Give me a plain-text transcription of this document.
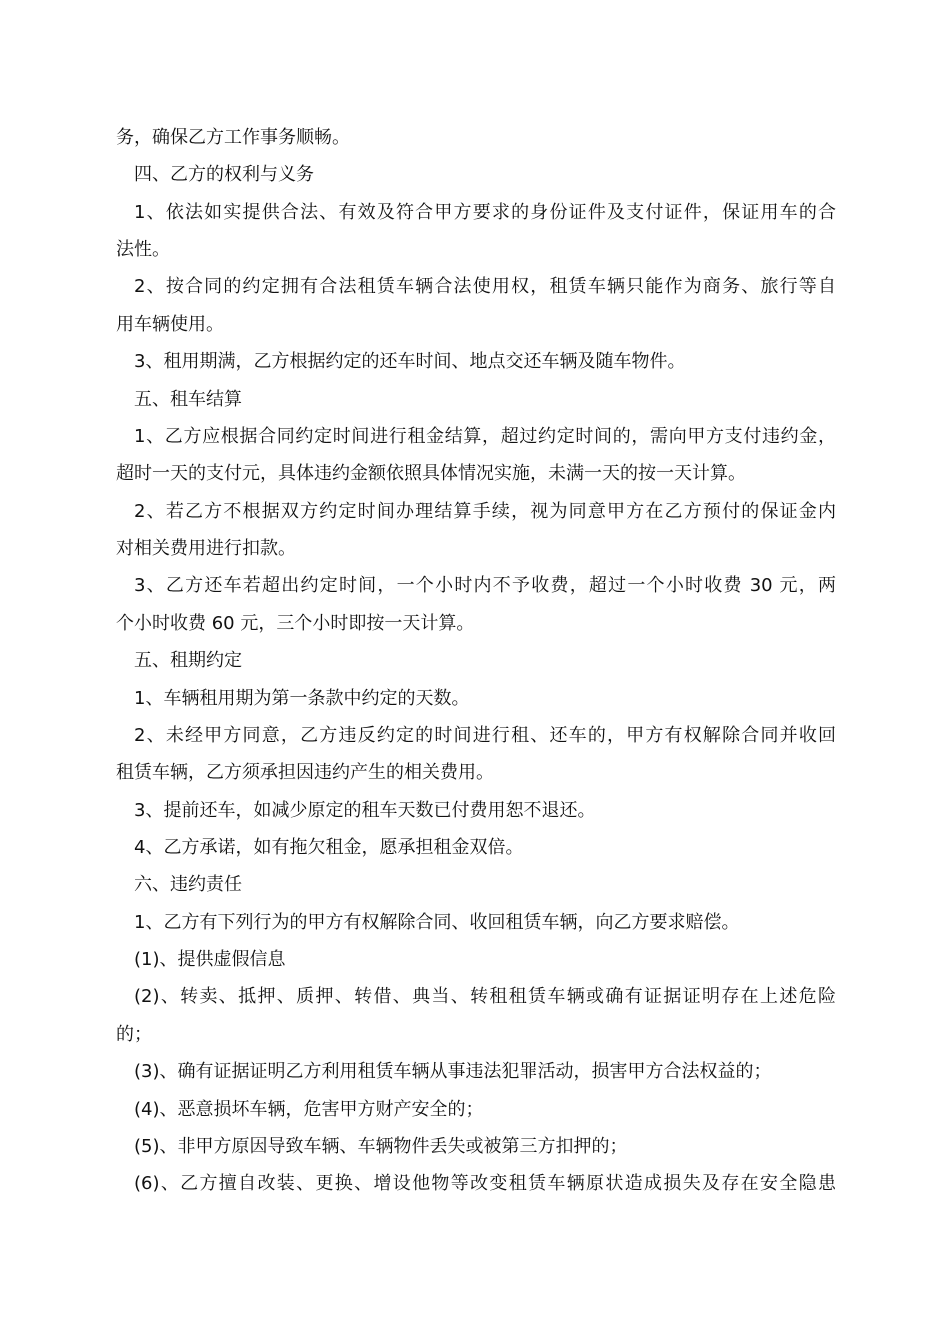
务，确保乙方工作事务顺畅。
四、乙方的权利与义务
1、依法如实提供合法、有效及符合甲方要求的身份证件及支付证件，保证用车的合
法性。
2、按合同的约定拥有合法租赁车辆合法使用权，租赁车辆只能作为商务、旅行等自
用车辆使用。
3、租用期满，乙方根据约定的还车时间、地点交还车辆及随车物件。
五、租车结算
1、乙方应根据合同约定时间进行租金结算，超过约定时间的，需向甲方支付违约金，
超时一天的支付元，具体违约金额依照具体情况实施，未满一天的按一天计算。
2、若乙方不根据双方约定时间办理结算手续，视为同意甲方在乙方预付的保证金内
对相关费用进行扣款。
3、乙方还车若超出约定时间，一个小时内不予收费，超过一个小时收费 30 元，两
个小时收费 60 元，三个小时即按一天计算。
五、租期约定
1、车辆租用期为第一条款中约定的天数。
2、未经甲方同意，乙方违反约定的时间进行租、还车的，甲方有权解除合同并收回
租赁车辆，乙方须承担因违约产生的相关费用。
3、提前还车，如减少原定的租车天数已付费用恕不退还。
4、乙方承诺，如有拖欠租金，愿承担租金双倍。
六、违约责任
1、乙方有下列行为的甲方有权解除合同、收回租赁车辆，向乙方要求赔偿。
(1)、提供虚假信息
(2)、转卖、抵押、质押、转借、典当、转租租赁车辆或确有证据证明存在上述危险
的；
(3)、确有证据证明乙方利用租赁车辆从事违法犯罪活动，损害甲方合法权益的；
(4)、恶意损坏车辆，危害甲方财产安全的；
(5)、非甲方原因导致车辆、车辆物件丢失或被第三方扣押的；
(6)、乙方擅自改装、更换、增设他物等改变租赁车辆原状造成损失及存在安全隐患
